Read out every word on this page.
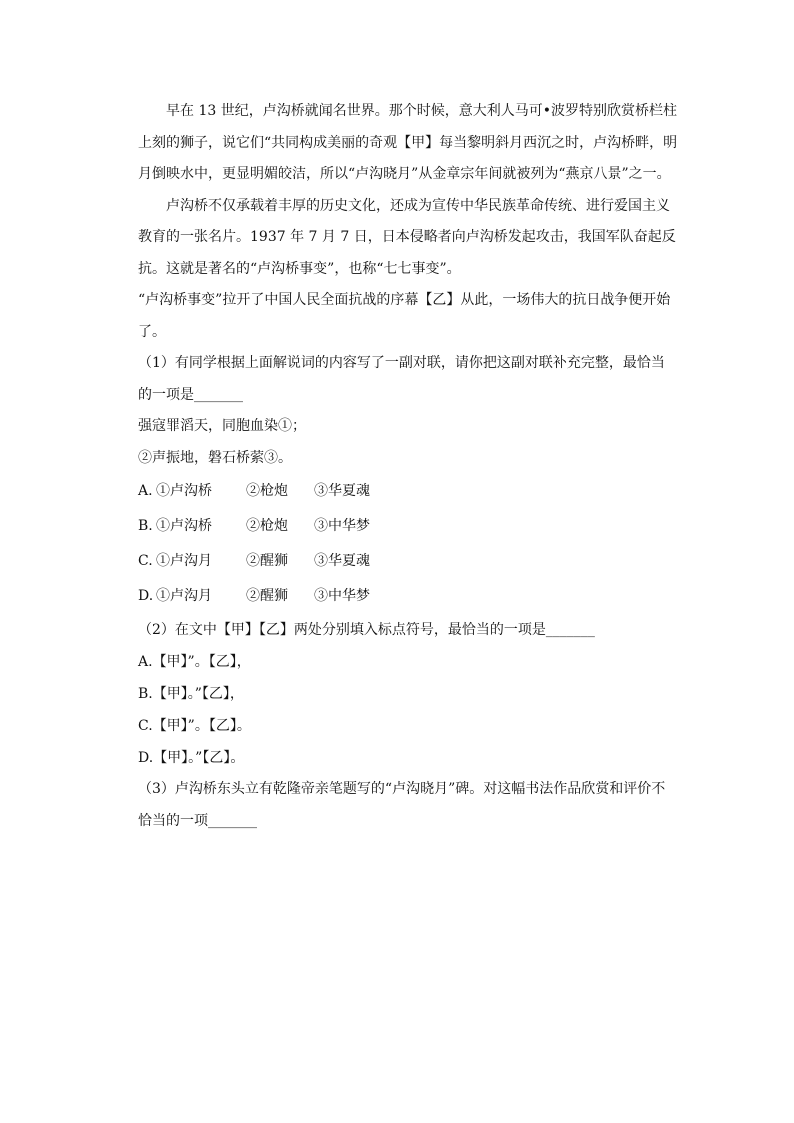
早在 13 世纪，卢沟桥就闻名世界。那个时候，意大利人马可•波罗特别欣赏桥栏柱上刻的狮子，说它们“共同构成美丽的奇观【甲】每当黎明斜月西沉之时，卢沟桥畔，明月倒映水中，更显明媚皎洁，所以“卢沟晓月”从金章宗年间就被列为“燕京八景”之一。

卢沟桥不仅承载着丰厚的历史文化，还成为宣传中华民族革命传统、进行爱国主义教育的一张名片。1937 年 7 月 7 日，日本侵略者向卢沟桥发起攻击，我国军队奋起反抗。这就是著名的“卢沟桥事变”，也称“七七事变”。

“卢沟桥事变”拉开了中国人民全面抗战的序幕【乙】从此，一场伟大的抗日战争便开始了。

（1）有同学根据上面解说词的内容写了一副对联，请你把这副对联补充完整，最恰当的一项是_______

强寇罪滔天，同胞血染①；

②声振地，磐石桥萦③。

A. ①卢沟桥 ②枪炮 ③华夏魂

B. ①卢沟桥 ②枪炮 ③中华梦

C. ①卢沟月 ②醒狮 ③华夏魂

D. ①卢沟月 ②醒狮 ③中华梦

（2）在文中【甲】【乙】两处分别填入标点符号，最恰当的一项是_______

A.【甲】”。【乙】，

B.【甲】。”【乙】，

C.【甲】”。【乙】。

D.【甲】。”【乙】。

（3）卢沟桥东头立有乾隆帝亲笔题写的“卢沟晓月”碑。对这幅书法作品欣赏和评价不恰当的一项_______
